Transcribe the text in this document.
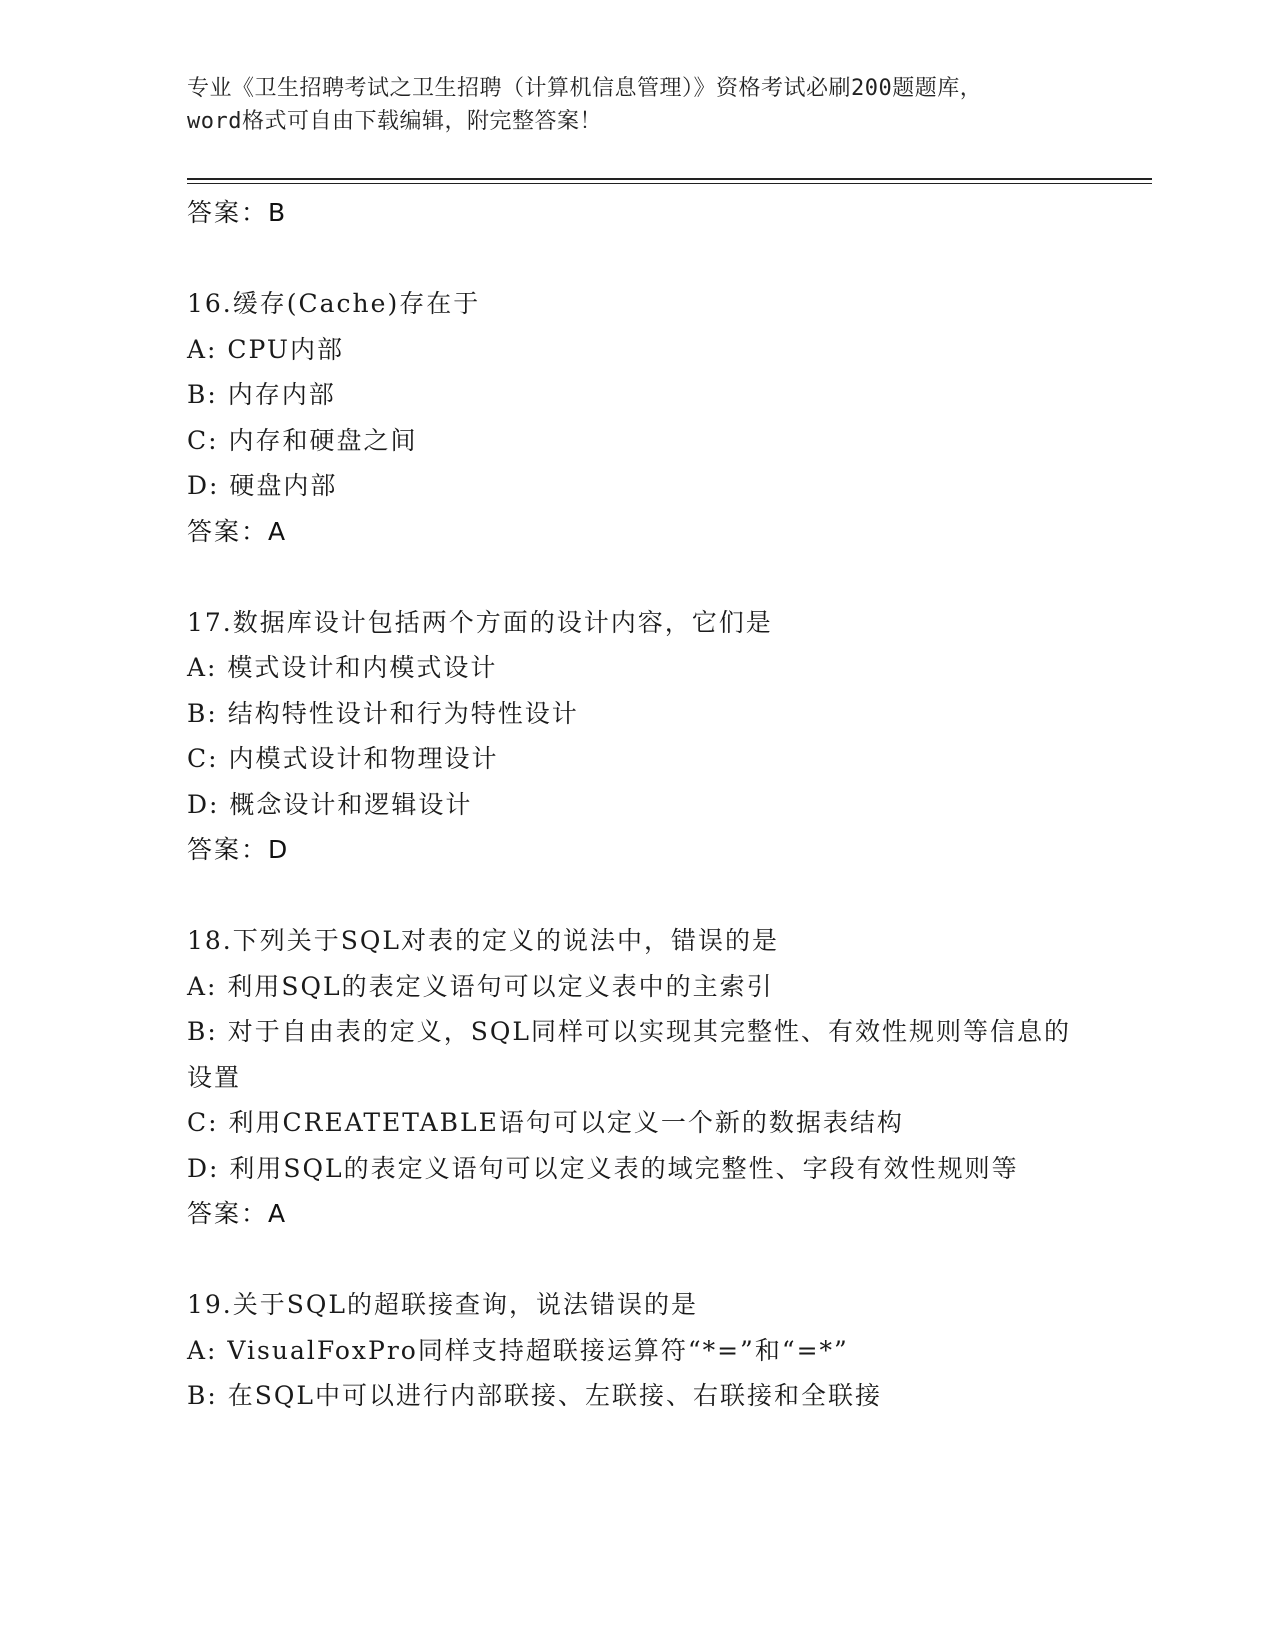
专业《卫生招聘考试之卫生招聘（计算机信息管理）》资格考试必刷200题题库，
word格式可自由下载编辑，附完整答案！
答案：B
16.缓存(Cache)存在于
A: CPU内部
B: 内存内部
C: 内存和硬盘之间
D: 硬盘内部
答案：A
17.数据库设计包括两个方面的设计内容，它们是
A: 模式设计和内模式设计
B: 结构特性设计和行为特性设计
C: 内模式设计和物理设计
D: 概念设计和逻辑设计
答案：D
18.下列关于SQL对表的定义的说法中，错误的是
A: 利用SQL的表定义语句可以定义表中的主索引
B: 对于自由表的定义，SQL同样可以实现其完整性、有效性规则等信息的设置
C: 利用CREATETABLE语句可以定义一个新的数据表结构
D: 利用SQL的表定义语句可以定义表的域完整性、字段有效性规则等
答案：A
19.关于SQL的超联接查询，说法错误的是
A: VisualFoxPro同样支持超联接运算符“*=”和“=*”
B: 在SQL中可以进行内部联接、左联接、右联接和全联接
